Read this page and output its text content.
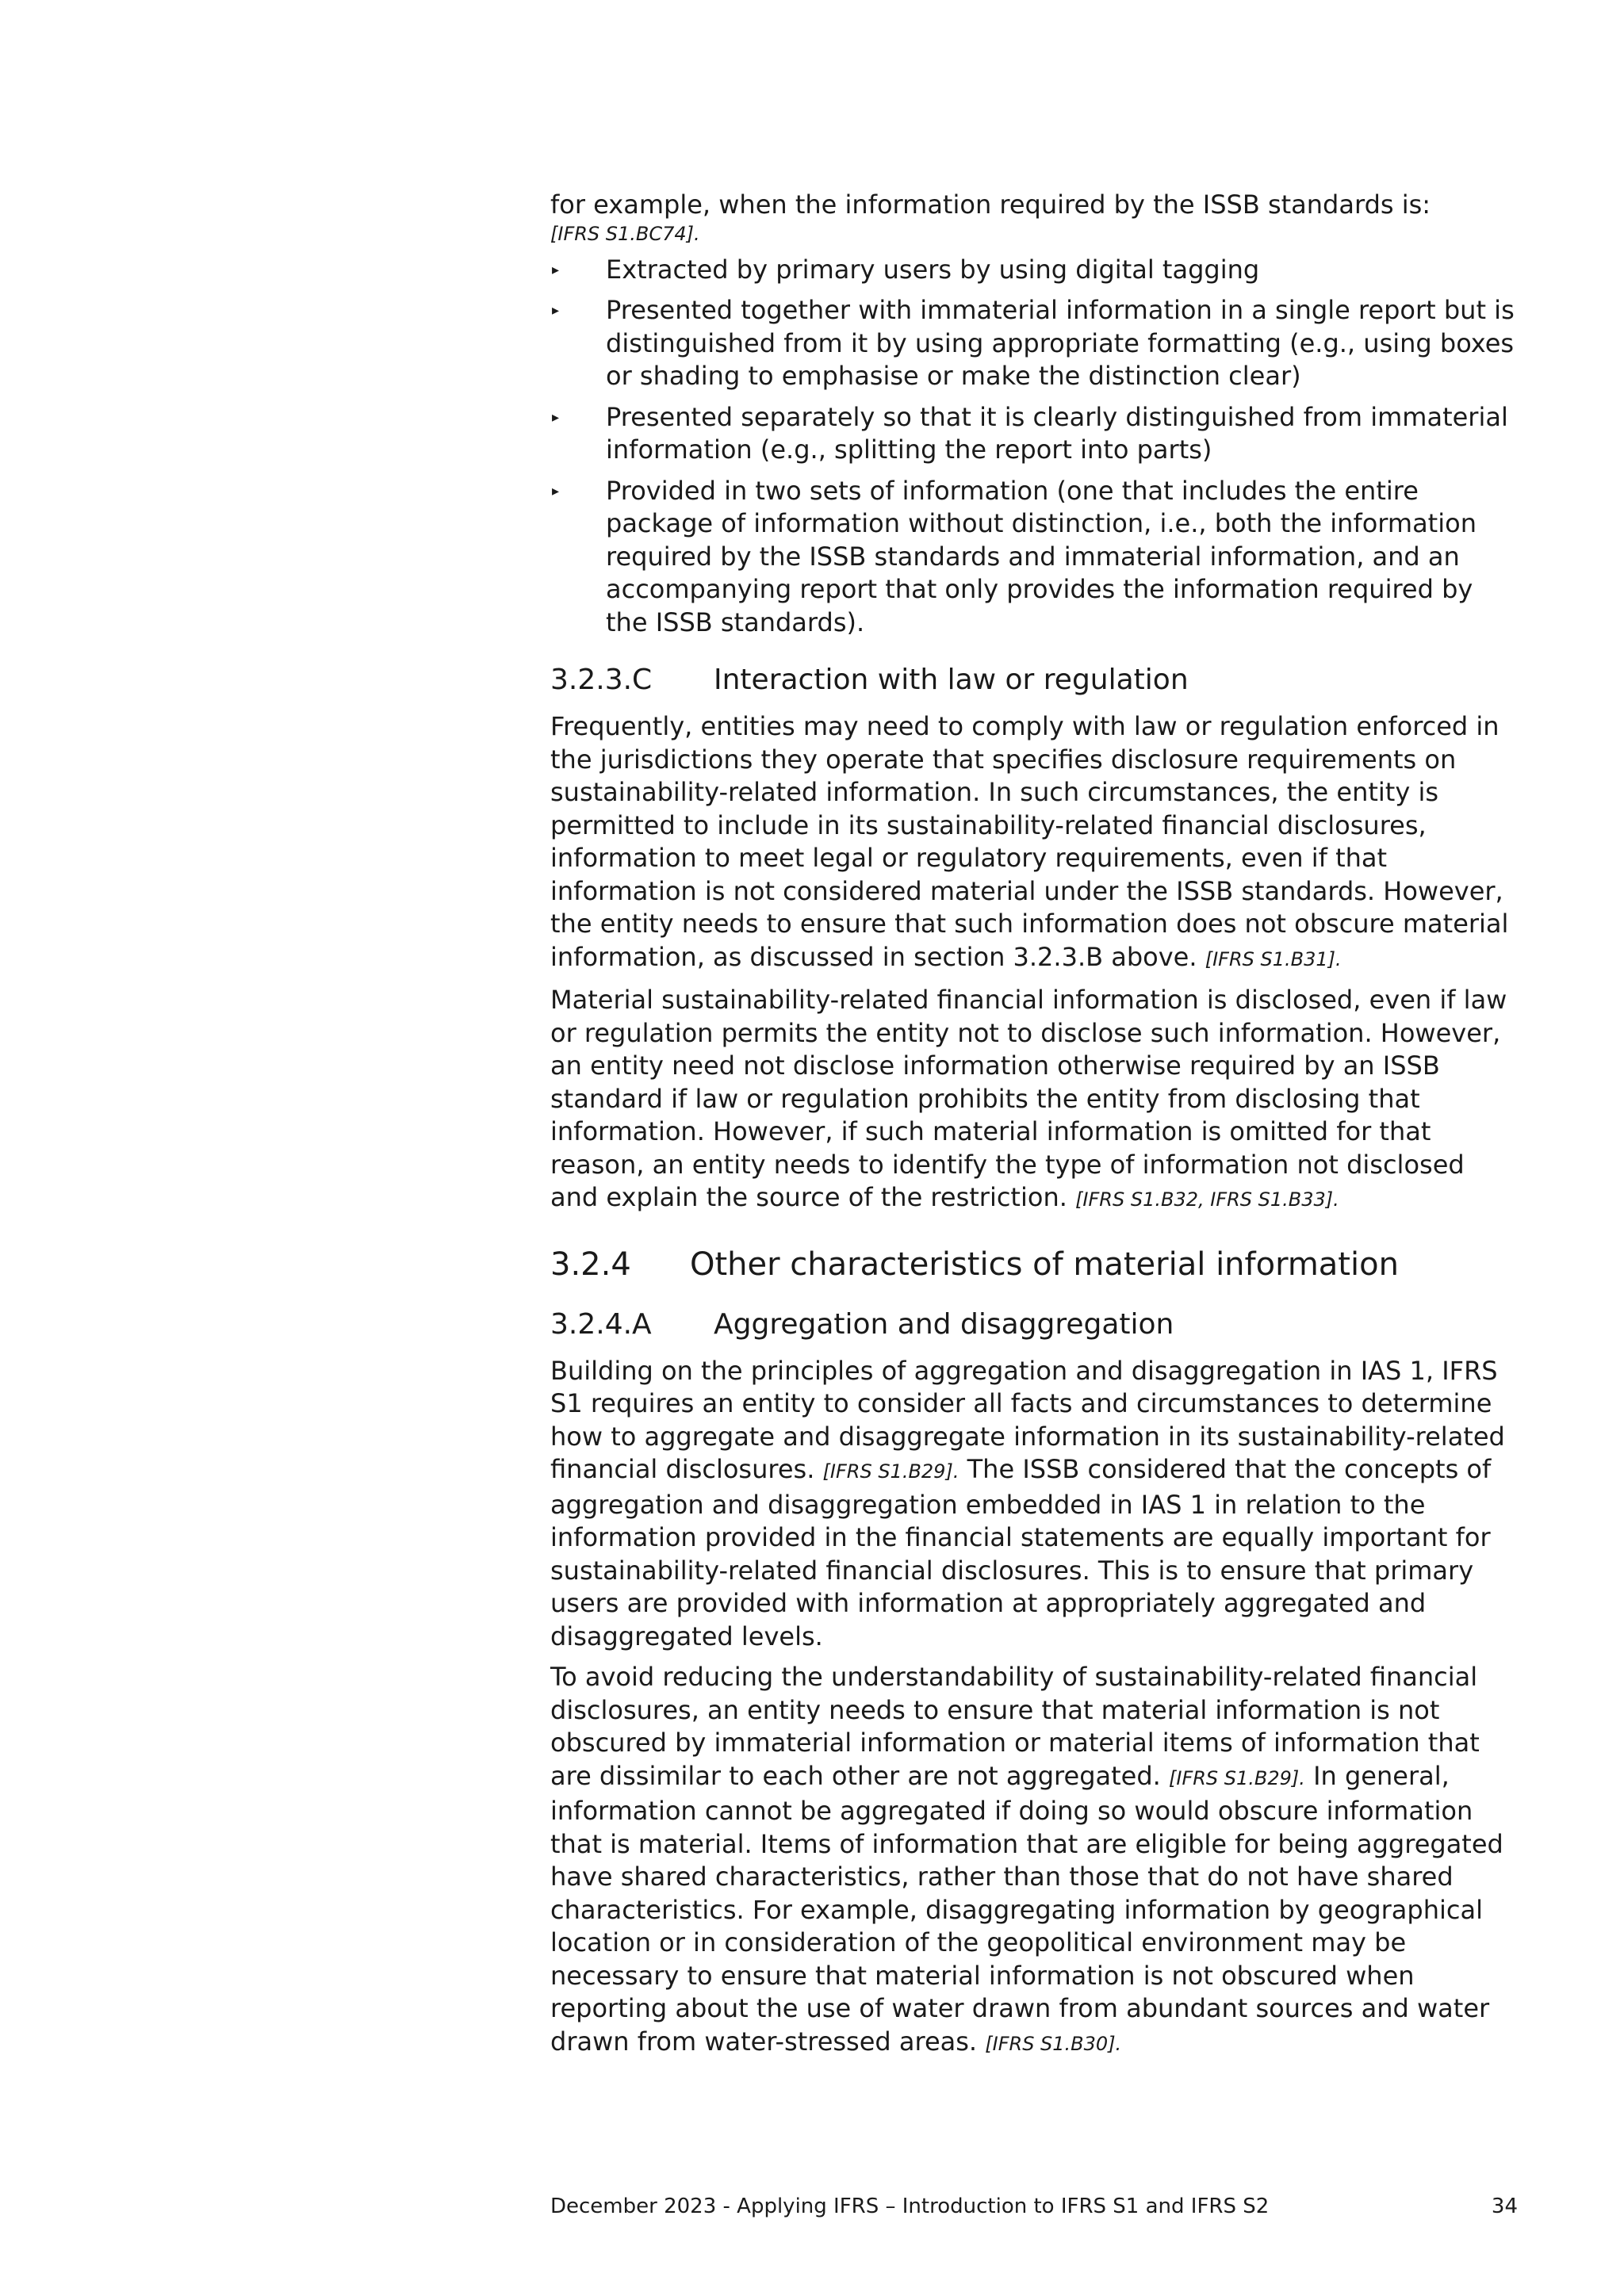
for example, when the information required by the ISSB standards is:
[IFRS S1.BC74].

▸ Extracted by primary users by using digital tagging
▸ Presented together with immaterial information in a single report but is distinguished from it by using appropriate formatting (e.g., using boxes or shading to emphasise or make the distinction clear)
▸ Presented separately so that it is clearly distinguished from immaterial information (e.g., splitting the report into parts)
▸ Provided in two sets of information (one that includes the entire package of information without distinction, i.e., both the information required by the ISSB standards and immaterial information, and an accompanying report that only provides the information required by the ISSB standards).
3.2.3.C	Interaction with law or regulation

Frequently, entities may need to comply with law or regulation enforced in the jurisdictions they operate that specifies disclosure requirements on sustainability-related information. In such circumstances, the entity is permitted to include in its sustainability-related financial disclosures, information to meet legal or regulatory requirements, even if that information is not considered material under the ISSB standards. However, the entity needs to ensure that such information does not obscure material information, as discussed in section 3.2.3.B above. [IFRS S1.B31].

Material sustainability-related financial information is disclosed, even if law or regulation permits the entity not to disclose such information. However, an entity need not disclose information otherwise required by an ISSB standard if law or regulation prohibits the entity from disclosing that information. However, if such material information is omitted for that reason, an entity needs to identify the type of information not disclosed and explain the source of the restriction. [IFRS S1.B32, IFRS S1.B33].

3.2.4	Other characteristics of material information
3.2.4.A	Aggregation and disaggregation

Building on the principles of aggregation and disaggregation in IAS 1, IFRS S1 requires an entity to consider all facts and circumstances to determine how to aggregate and disaggregate information in its sustainability-related financial disclosures. [IFRS S1.B29]. The ISSB considered that the concepts of aggregation and disaggregation embedded in IAS 1 in relation to the information provided in the financial statements are equally important for sustainability-related financial disclosures. This is to ensure that primary users are provided with information at appropriately aggregated and disaggregated levels.

To avoid reducing the understandability of sustainability-related financial disclosures, an entity needs to ensure that material information is not obscured by immaterial information or material items of information that are dissimilar to each other are not aggregated. [IFRS S1.B29]. In general, information cannot be aggregated if doing so would obscure information that is material. Items of information that are eligible for being aggregated have shared characteristics, rather than those that do not have shared characteristics. For example, disaggregating information by geographical location or in consideration of the geopolitical environment may be necessary to ensure that material information is not obscured when reporting about the use of water drawn from abundant sources and water drawn from water-stressed areas. [IFRS S1.B30].

December 2023 - Applying IFRS – Introduction to IFRS S1 and IFRS S2	34
